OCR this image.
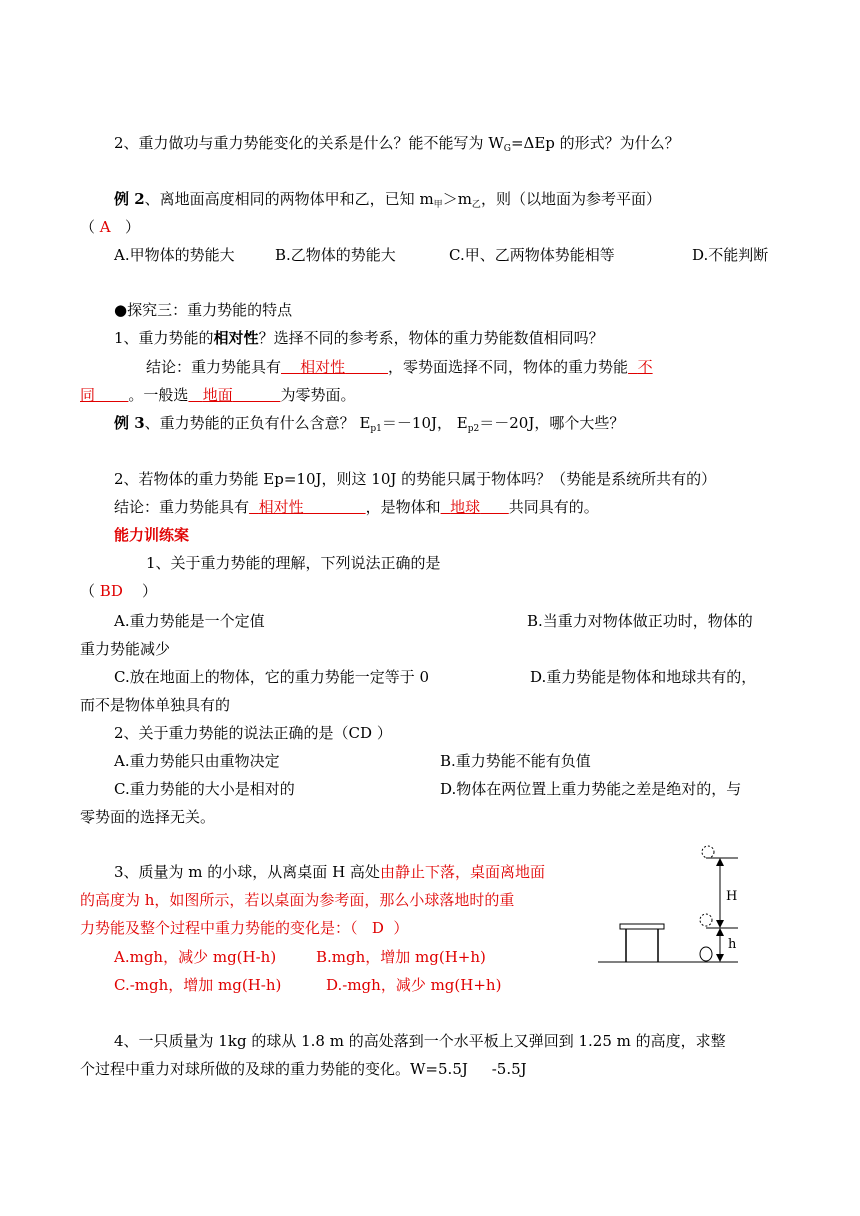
2、重力做功与重力势能变化的关系是什么？能不能写为 $W_G=\Delta Ep$ 的形式？为什么？
例 2、离地面高度相同的两物体甲和乙，已知 $m_甲>m_乙$，则（以地面为参考平面）
（ A ）
A.甲物体的势能大	B.乙物体的势能大	C.甲、乙两物体势能相等	D.不能判断
●探究三：重力势能的特点
1、重力势能的相对性？选择不同的参考系，物体的重力势能数值相同吗？
结论：重力势能具有 相对性	，零势面选择不同，物体的重力势能 不
同 。一般选 地面	为零势面。
例 3、重力势能的正负有什么含意？ $E_{p1}=-10J$， $E_{p2}=-20J$，哪个大些？
2、若物体的重力势能 Ep=10J，则这 10J 的势能只属于物体吗？（势能是系统所共有的）
结论：重力势能具有 相对性	，是物体和 地球 共同具有的。
能力训练案
1、关于重力势能的理解，下列说法正确的是
（ BD ）
A.重力势能是一个定值	B.当重力对物体做正功时，物体的
重力势能减少
C.放在地面上的物体，它的重力势能一定等于 0	D.重力势能是物体和地球共有的，
而不是物体单独具有的
2、关于重力势能的说法正确的是（CD ）
A.重力势能只由重物决定	B.重力势能不能有负值
C.重力势能的大小是相对的	D.物体在两位置上重力势能之差是绝对的，与
零势面的选择无关。
3、质量为 m 的小球，从离桌面 H 高处由静止下落，桌面离地面
的高度为 h，如图所示，若以桌面为参考面，那么小球落地时的重
力势能及整个过程中重力势能的变化是：（ D ）
A.mgh，减少 mg(H-h)	B.mgh，增加 mg(H+h)
C.-mgh，增加 mg(H-h)	D.-mgh，减少 mg(H+h)
H
h
4、一只质量为 1kg 的球从 1.8 m 的高处落到一个水平板上又弹回到 1.25 m 的高度，求整
个过程中重力对球所做的及球的重力势能的变化。W=5.5J -5.5J
